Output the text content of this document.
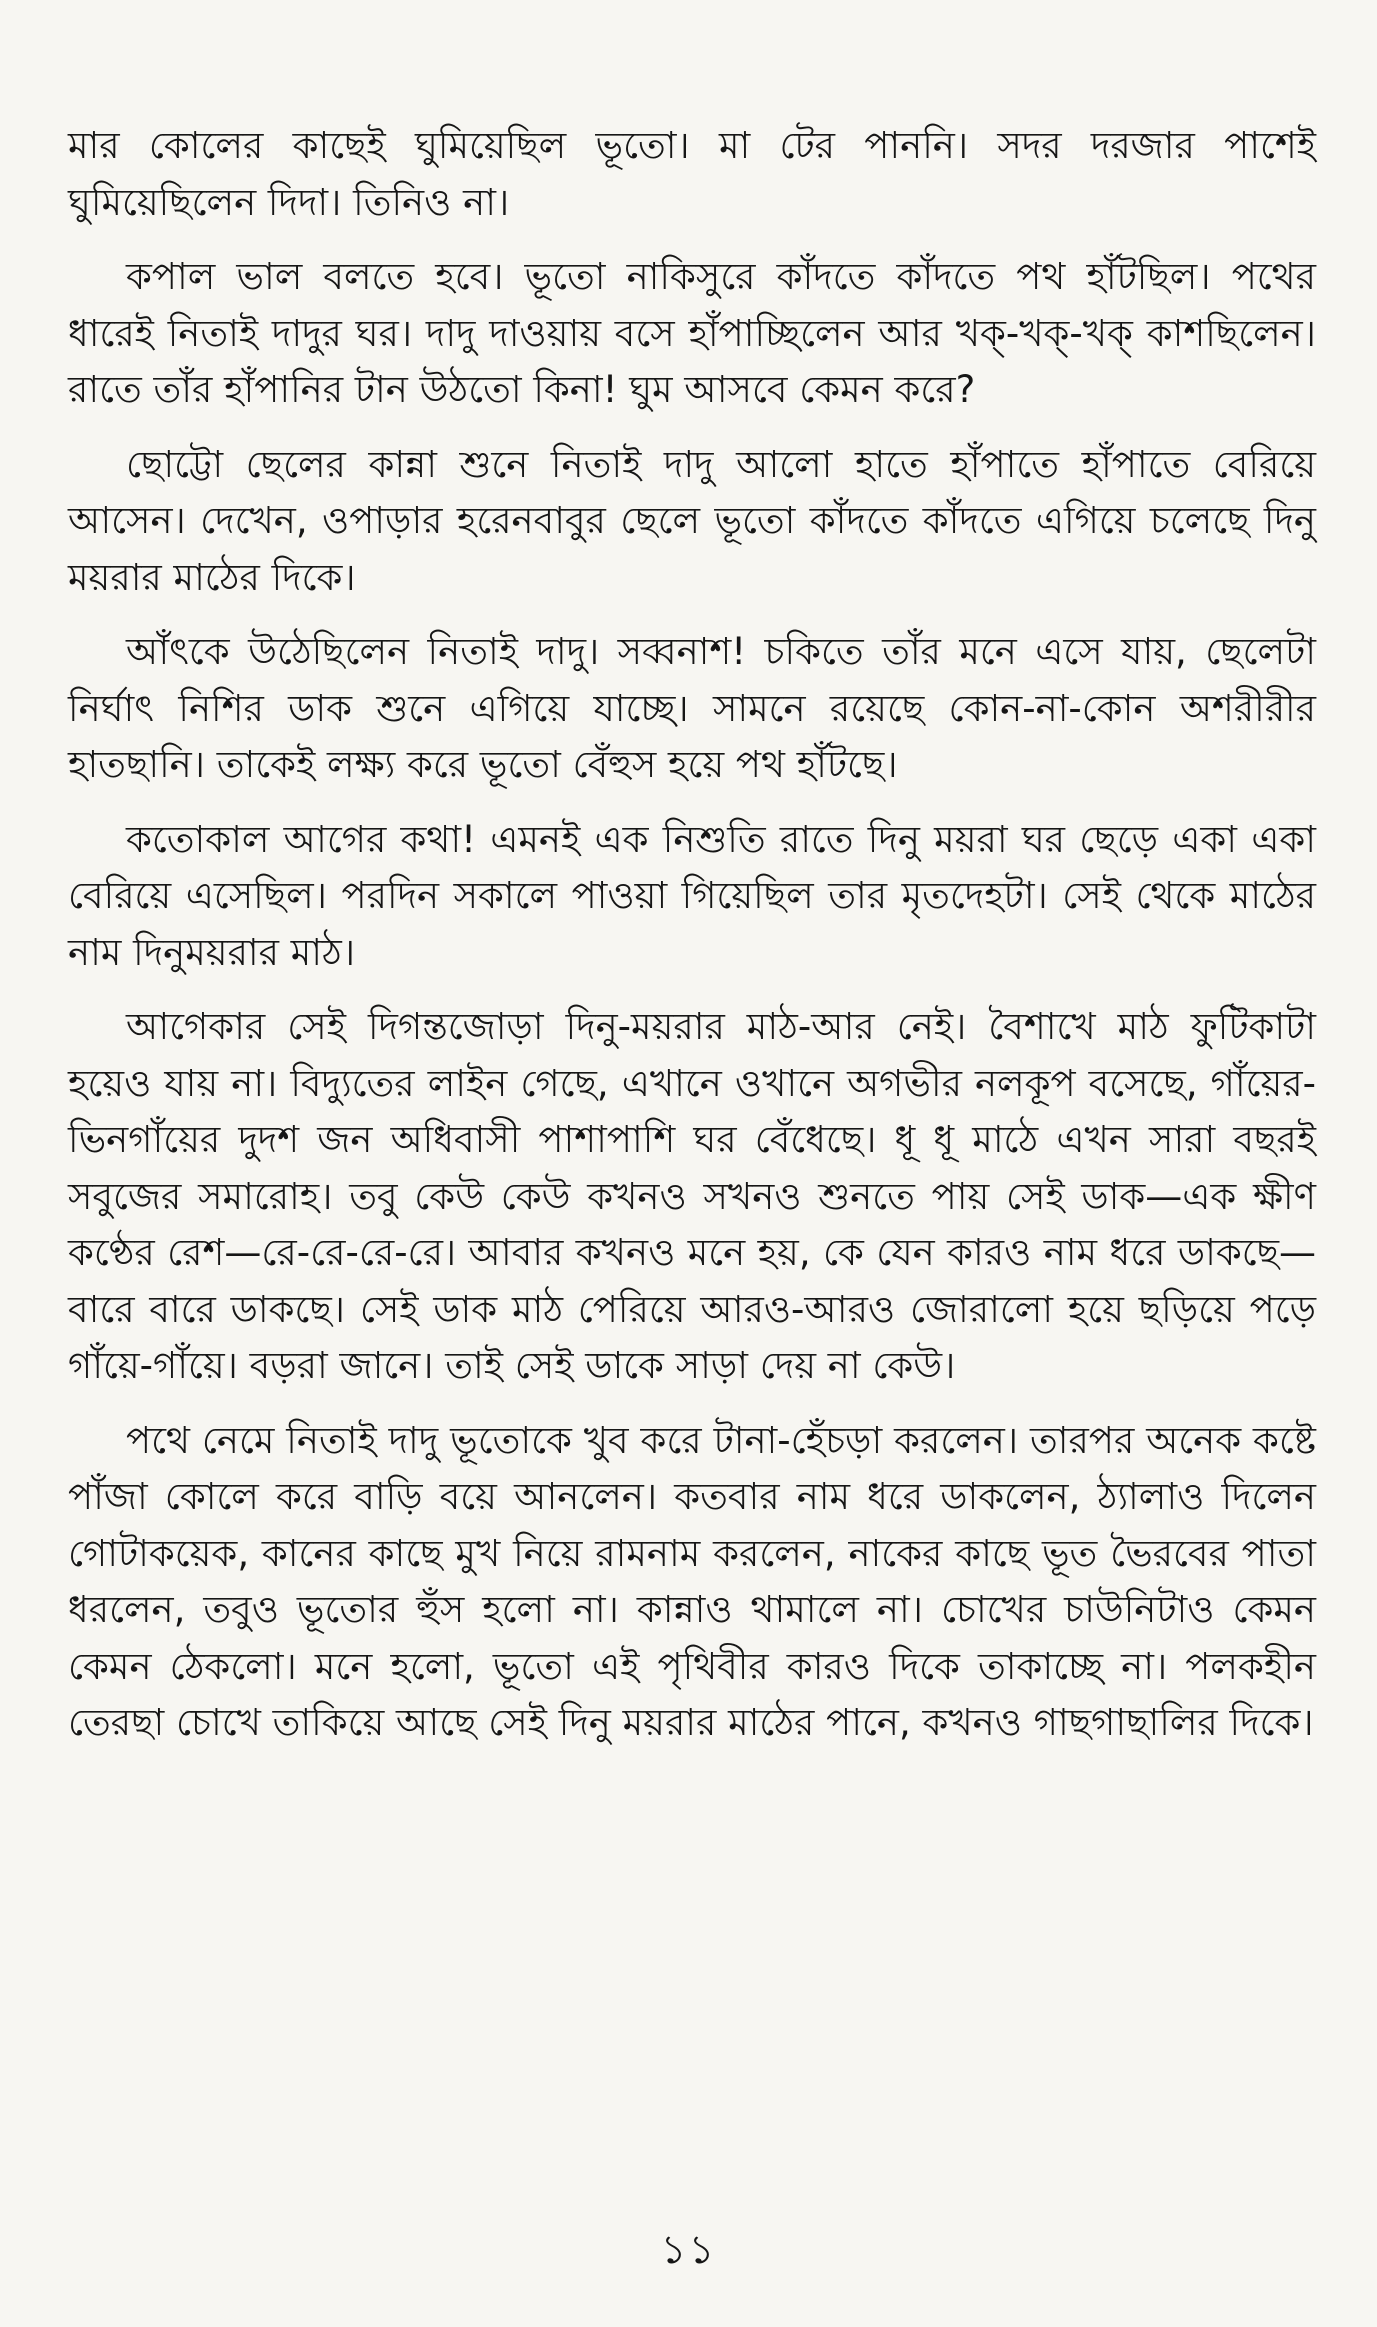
মার কোলের কাছেই ঘুমিয়েছিল ভূতো। মা টের পাননি। সদর দরজার পাশেই ঘুমিয়েছিলেন দিদা। তিনিও না।

কপাল ভাল বলতে হবে। ভূতো নাকিসুরে কাঁদতে কাঁদতে পথ হাঁটছিল। পথের ধারেই নিতাই দাদুর ঘর। দাদু দাওয়ায় বসে হাঁপাচ্ছিলেন আর খক্-খক্-খক্ কাশছিলেন। রাতে তাঁর হাঁপানির টান উঠতো কিনা! ঘুম আসবে কেমন করে?

ছোট্টো ছেলের কান্না শুনে নিতাই দাদু আলো হাতে হাঁপাতে হাঁপাতে বেরিয়ে আসেন। দেখেন, ওপাড়ার হরেনবাবুর ছেলে ভূতো কাঁদতে কাঁদতে এগিয়ে চলেছে দিনু ময়রার মাঠের দিকে।

আঁৎকে উঠেছিলেন নিতাই দাদু। সব্বনাশ! চকিতে তাঁর মনে এসে যায়, ছেলেটা নির্ঘাৎ নিশির ডাক শুনে এগিয়ে যাচ্ছে। সামনে রয়েছে কোন-না-কোন অশরীরীর হাতছানি। তাকেই লক্ষ্য করে ভূতো বেঁহুস হয়ে পথ হাঁটছে।

কতোকাল আগের কথা! এমনই এক নিশুতি রাতে দিনু ময়রা ঘর ছেড়ে একা একা বেরিয়ে এসেছিল। পরদিন সকালে পাওয়া গিয়েছিল তার মৃতদেহটা। সেই থেকে মাঠের নাম দিনুময়রার মাঠ।

আগেকার সেই দিগন্তজোড়া দিনু-ময়রার মাঠ-আর নেই। বৈশাখে মাঠ ফুটিকাটা হয়েও যায় না। বিদ্যুতের লাইন গেছে, এখানে ওখানে অগভীর নলকূপ বসেছে, গাঁয়ের-ভিনগাঁয়ের দুদশ জন অধিবাসী পাশাপাশি ঘর বেঁধেছে। ধূ ধূ মাঠে এখন সারা বছরই সবুজের সমারোহ। তবু কেউ কেউ কখনও সখনও শুনতে পায় সেই ডাক—এক ক্ষীণ কণ্ঠের রেশ—রে-রে-রে-রে। আবার কখনও মনে হয়, কে যেন কারও নাম ধরে ডাকছে—বারে বারে ডাকছে। সেই ডাক মাঠ পেরিয়ে আরও-আরও জোরালো হয়ে ছড়িয়ে পড়ে গাঁয়ে-গাঁয়ে। বড়রা জানে। তাই সেই ডাকে সাড়া দেয় না কেউ।

পথে নেমে নিতাই দাদু ভূতোকে খুব করে টানা-হেঁচড়া করলেন। তারপর অনেক কষ্টে পাঁজা কোলে করে বাড়ি বয়ে আনলেন। কতবার নাম ধরে ডাকলেন, ঠ্যালাও দিলেন গোটাকয়েক, কানের কাছে মুখ নিয়ে রামনাম করলেন, নাকের কাছে ভূত ভৈরবের পাতা ধরলেন, তবুও ভূতোর হুঁস হলো না। কান্নাও থামালে না। চোখের চাউনিটাও কেমন কেমন ঠেকলো। মনে হলো, ভূতো এই পৃথিবীর কারও দিকে তাকাচ্ছে না। পলকহীন তেরছা চোখে তাকিয়ে আছে সেই দিনু ময়রার মাঠের পানে, কখনও গাছগাছালির দিকে।

১১
